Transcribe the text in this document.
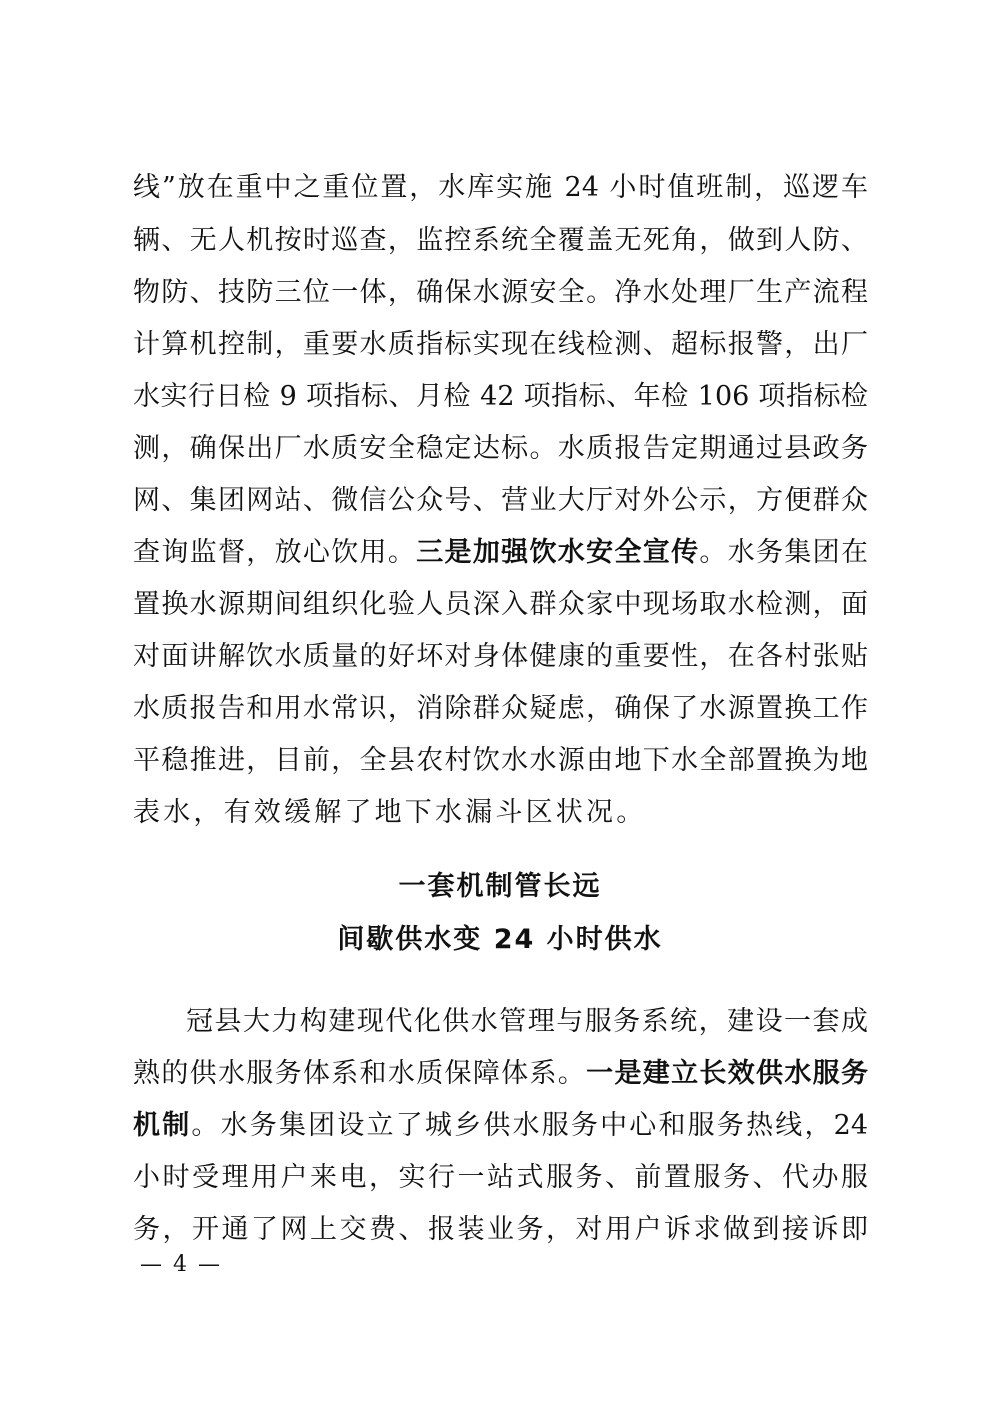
线”放在重中之重位置，水库实施 24 小时值班制，巡逻车
辆、无人机按时巡查，监控系统全覆盖无死角，做到人防、
物防、技防三位一体，确保水源安全。净水处理厂生产流程
计算机控制，重要水质指标实现在线检测、超标报警，出厂
水实行日检 9 项指标、月检 42 项指标、年检 106 项指标检
测，确保出厂水质安全稳定达标。水质报告定期通过县政务
网、集团网站、微信公众号、营业大厅对外公示，方便群众
查询监督，放心饮用。三是加强饮水安全宣传。水务集团在
置换水源期间组织化验人员深入群众家中现场取水检测，面
对面讲解饮水质量的好坏对身体健康的重要性，在各村张贴
水质报告和用水常识，消除群众疑虑，确保了水源置换工作
平稳推进，目前，全县农村饮水水源由地下水全部置换为地
表水，有效缓解了地下水漏斗区状况。
一套机制管长远
间歇供水变 24 小时供水
冠县大力构建现代化供水管理与服务系统，建设一套成
熟的供水服务体系和水质保障体系。一是建立长效供水服务
机制。水务集团设立了城乡供水服务中心和服务热线，24
小时受理用户来电，实行一站式服务、前置服务、代办服
务，开通了网上交费、报装业务，对用户诉求做到接诉即
— 4 —
